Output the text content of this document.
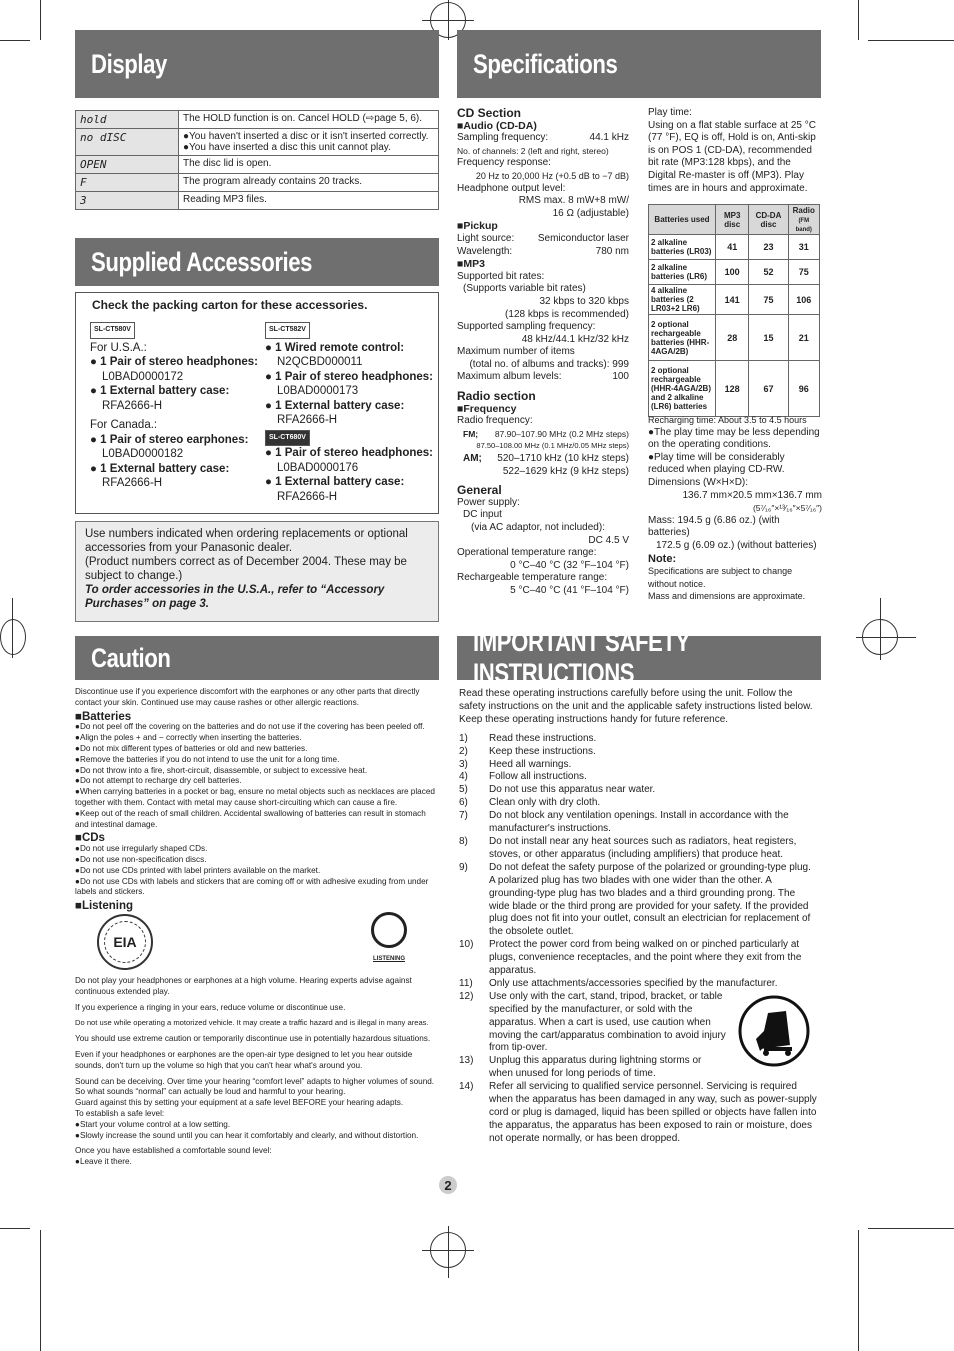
Display	Specifications
Supplied Accessories
Caution
IMPORTANT SAFETY INSTRUCTIONS
hold	The HOLD function is on. Cancel HOLD (⇨page 5, 6).
no dISC	●You haven't inserted a disc or it isn't inserted correctly.
●You have inserted a disc this unit cannot play.
OPEN	The disc lid is open.
F	The program already contains 20 tracks.
3	Reading MP3 files.
Check the packing carton for these accessories.
SL-CT580V
For U.S.A.:
● 1 Pair of stereo headphones:
L0BAD0000172
● 1 External battery case:
RFA2666-H
For Canada.:
● 1 Pair of stereo earphones:
L0BAD0000182
● 1 External battery case:
RFA2666-H
SL-CT582V
● 1 Wired remote control:
N2QCBD000011
● 1 Pair of stereo headphones:
L0BAD0000173
● 1 External battery case:
RFA2666-H
SL-CT680V
● 1 Pair of stereo headphones:
L0BAD0000176
● 1 External battery case:
RFA2666-H
Use numbers indicated when ordering replacements or optional accessories from your Panasonic dealer.
(Product numbers correct as of December 2004. These may be subject to change.)
To order accessories in the U.S.A., refer to “Accessory Purchases” on page 3.
CD Section
■Audio (CD-DA)
Sampling frequency:	44.1 kHz
No. of channels: 2 (left and right, stereo)
Frequency response:
20 Hz to 20,000 Hz (+0.5 dB to −7 dB)
Headphone output level:
RMS max. 8 mW+8 mW/
16 Ω (adjustable)
■Pickup
Light source: Semiconductor laser
Wavelength:	780 nm
■MP3
Supported bit rates:
(Supports variable bit rates)
32 kbps to 320 kbps
(128 kbps is recommended)
Supported sampling frequency:
48 kHz/44.1 kHz/32 kHz
Maximum number of items
(total no. of albums and tracks): 999
Maximum album levels:	100
Radio section
■Frequency
Radio frequency:
FM; 87.90–107.90 MHz (0.2 MHz steps)
87.50–108.00 MHz (0.1 MHz/0.05 MHz steps)
AM; 520–1710 kHz (10 kHz steps)
522–1629 kHz (9 kHz steps)
General
Power supply:
DC input
(via AC adaptor, not included):
DC 4.5 V
Operational temperature range:
0 °C–40 °C (32 °F–104 °F)
Rechargeable temperature range:
5 °C–40 °C (41 °F–104 °F)
Play time:
Using on a flat stable surface at 25 °C (77 °F), EQ is off, Hold is on, Anti-skip is on POS 1 (CD-DA), recommended bit rate (MP3:128 kbps), and the Digital Re-master is off (MP3). Play times are in hours and approximate.
Batteries used	MP3 disc	CD-DA disc	Radio
(FM band)
2 alkaline batteries (LR03)	41	23	31
2 alkaline batteries (LR6)	100	52	75
4 alkaline batteries (2 LR03+2 LR6)	141	75	106
2 optional rechargeable batteries (HHR-4AGA/2B)	28	15	21
2 optional rechargeable (HHR-4AGA/2B) and 2 alkaline (LR6) batteries	128	67	96
Recharging time: About 3.5 to 4.5 hours
●The play time may be less depending on the operating conditions.
●Play time will be considerably reduced when playing CD-RW.
Dimensions (W×H×D):
136.7 mm×20.5 mm×136.7 mm
(5⁷⁄₁₆″×¹³⁄₁₆″×5⁷⁄₁₆″)
Mass: 194.5 g (6.86 oz.) (with batteries)
172.5 g (6.09 oz.) (without batteries)
Note:
Specifications are subject to change without notice.
Mass and dimensions are approximate.

Discontinue use if you experience discomfort with the earphones or any other parts that directly contact your skin. Continued use may cause rashes or other allergic reactions.

■Batteries

●Do not peel off the covering on the batteries and do not use if the covering has been peeled off.

●Align the poles + and − correctly when inserting the batteries.

●Do not mix different types of batteries or old and new batteries.

●Remove the batteries if you do not intend to use the unit for a long time.

●Do not throw into a fire, short-circuit, disassemble, or subject to excessive heat.

●Do not attempt to recharge dry cell batteries.

●When carrying batteries in a pocket or bag, ensure no metal objects such as necklaces are placed together with them. Contact with metal may cause short-circuiting which can cause a fire.

●Keep out of the reach of small children. Accidental swallowing of batteries can result in stomach and intestinal damage.

■CDs

●Do not use irregularly shaped CDs.

●Do not use non-specification discs.

●Do not use CDs printed with label printers available on the market.

●Do not use CDs with labels and stickers that are coming off or with adhesive exuding from under labels and stickers.

■Listening
EIA
LISTENING

Do not play your headphones or earphones at a high volume. Hearing experts advise against continuous extended play.

If you experience a ringing in your ears, reduce volume or discontinue use.

Do not use while operating a motorized vehicle. It may create a traffic hazard and is illegal in many areas.

You should use extreme caution or temporarily discontinue use in potentially hazardous situations.

Even if your headphones or earphones are the open-air type designed to let you hear outside sounds, don't turn up the volume so high that you can't hear what's around you.

Sound can be deceiving. Over time your hearing “comfort level” adapts to higher volumes of sound. So what sounds “normal” can actually be loud and harmful to your hearing.

Guard against this by setting your equipment at a safe level BEFORE your hearing adapts.

To establish a safe level:

●Start your volume control at a low setting.

●Slowly increase the sound until you can hear it comfortably and clearly, and without distortion.

Once you have established a comfortable sound level:

●Leave it there.

Read these operating instructions carefully before using the unit. Follow the safety instructions on the unit and the applicable safety instructions listed below. Keep these operating instructions handy for future reference.
1)	Read these instructions.
2)	Keep these instructions.
3)	Heed all warnings.
4)	Follow all instructions.
5)	Do not use this apparatus near water.
6)	Clean only with dry cloth.
7)	Do not block any ventilation openings. Install in accordance with the manufacturer's instructions.
8)	Do not install near any heat sources such as radiators, heat registers, stoves, or other apparatus (including amplifiers) that produce heat.
9)	Do not defeat the safety purpose of the polarized or grounding-type plug. A polarized plug has two blades with one wider than the other. A grounding-type plug has two blades and a third grounding prong. The wide blade or the third prong are provided for your safety. If the provided plug does not fit into your outlet, consult an electrician for replacement of the obsolete outlet.
10)	Protect the power cord from being walked on or pinched particularly at plugs, convenience receptacles, and the point where they exit from the apparatus.
11)	Only use attachments/accessories specified by the manufacturer.
12)	Use only with the cart, stand, tripod, bracket, or table specified by the manufacturer, or sold with the apparatus. When a cart is used, use caution when moving the cart/apparatus combination to avoid injury from tip-over.
13)	Unplug this apparatus during lightning storms or when unused for long periods of time.
14)	Refer all servicing to qualified service personnel. Servicing is required when the apparatus has been damaged in any way, such as power-supply cord or plug is damaged, liquid has been spilled or objects have fallen into the apparatus, the apparatus has been exposed to rain or moisture, does not operate normally, or has been dropped.
2
